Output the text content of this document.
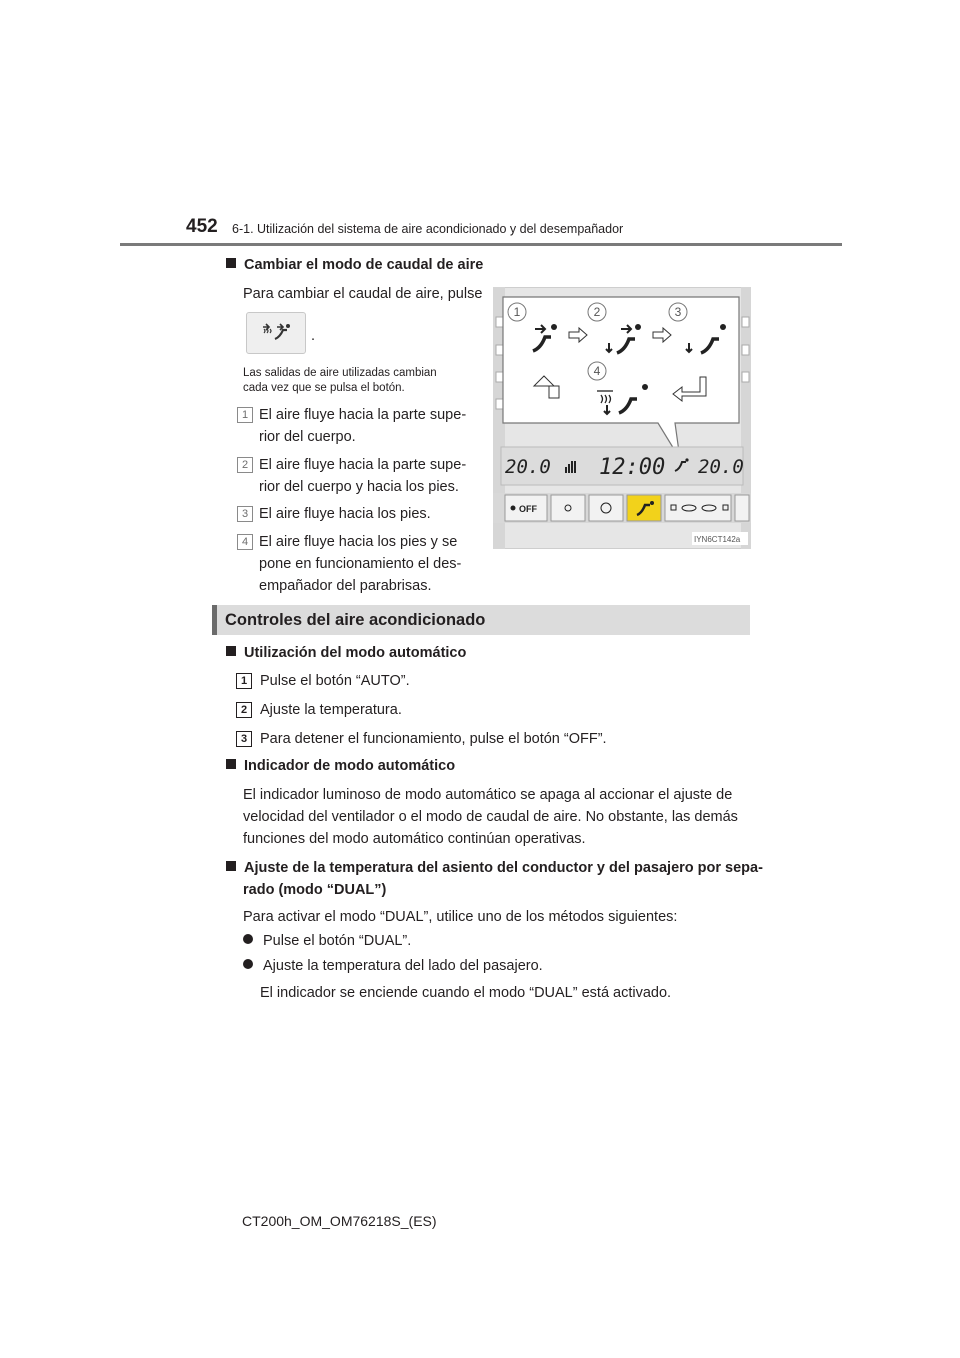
452 6-1. Utilización del sistema de aire acondicionado y del desempañador
Cambiar el modo de caudal de aire
Para cambiar el caudal de aire, pulse
.
Las salidas de aire utilizadas cambian
cada vez que se pulsa el botón.
1 El aire fluye hacia la parte supe-
rior del cuerpo.
2 El aire fluye hacia la parte supe-
rior del cuerpo y hacia los pies.
3 El aire fluye hacia los pies.
4 El aire fluye hacia los pies y se
pone en funcionamiento el des-
empañador del parabrisas.
1	2	3
4
20.0 12:00 20.0
OFF
IYN6CT142a
Controles del aire acondicionado
Utilización del modo automático
1 Pulse el botón “AUTO”.
2 Ajuste la temperatura.
3 Para detener el funcionamiento, pulse el botón “OFF”.
Indicador de modo automático
El indicador luminoso de modo automático se apaga al accionar el ajuste de
velocidad del ventilador o el modo de caudal de aire. No obstante, las demás
funciones del modo automático continúan operativas.
Ajuste de la temperatura del asiento del conductor y del pasajero por sepa-
rado (modo “DUAL”)
Para activar el modo “DUAL”, utilice uno de los métodos siguientes:
Pulse el botón “DUAL”.
Ajuste la temperatura del lado del pasajero.
El indicador se enciende cuando el modo “DUAL” está activado.
CT200h_OM_OM76218S_(ES)
